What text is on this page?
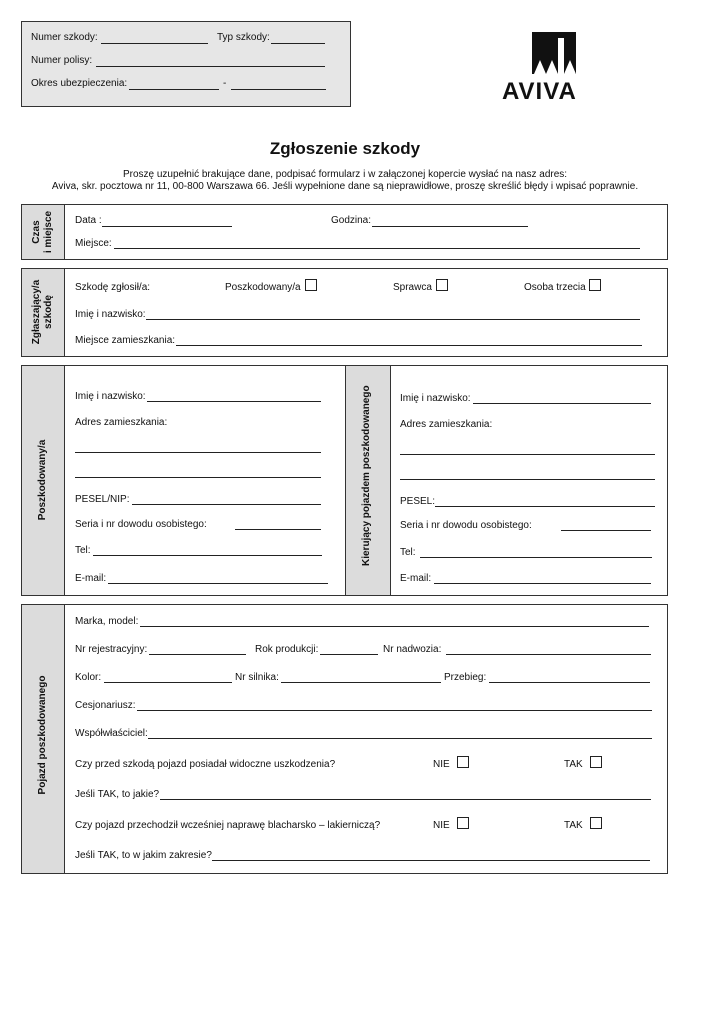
Numer szkody:	Typ szkody:
Numer polisy:
Okres ubezpieczenia:	-	AVIVA
Zgłoszenie szkody
Proszę uzupełnić brakujące dane, podpisać formularz i w załączonej kopercie wysłać na nasz adres:
Aviva, skr. pocztowa nr 11, 00-800 Warszawa 66. Jeśli wypełnione dane są nieprawidłowe, proszę skreślić błędy i wpisać poprawnie.
Czas i miejsce Data :	Godzina:
Miejsce:
Zgłaszający/a szkodę
Szkodę zgłosił/a:	Poszkodowany/a	Sprawca	Osoba trzecia
Imię i nazwisko:
Miejsce zamieszkania:
Poszkodowany/a
Imię i nazwisko:
Adres zamieszkania:
PESEL/NIP:
Seria i nr dowodu osobistego:
Tel:
E-mail:
Kierujący pojazdem poszkodowanego	Imię i nazwisko:
Adres zamieszkania:
PESEL:
Seria i nr dowodu osobistego:
Tel:
E-mail:
Pojazd poszkodowanego
Marka, model:
Nr rejestracyjny:	Rok produkcji:	Nr nadwozia:
Kolor:	Nr silnika:	Przebieg:
Cesjonariusz:
Współwłaściciel:
Czy przed szkodą pojazd posiadał widoczne uszkodzenia?	NIE	TAK
Jeśli TAK, to jakie?
Czy pojazd przechodził wcześniej naprawę blacharsko – lakierniczą?	NIE	TAK
Jeśli TAK, to w jakim zakresie?
